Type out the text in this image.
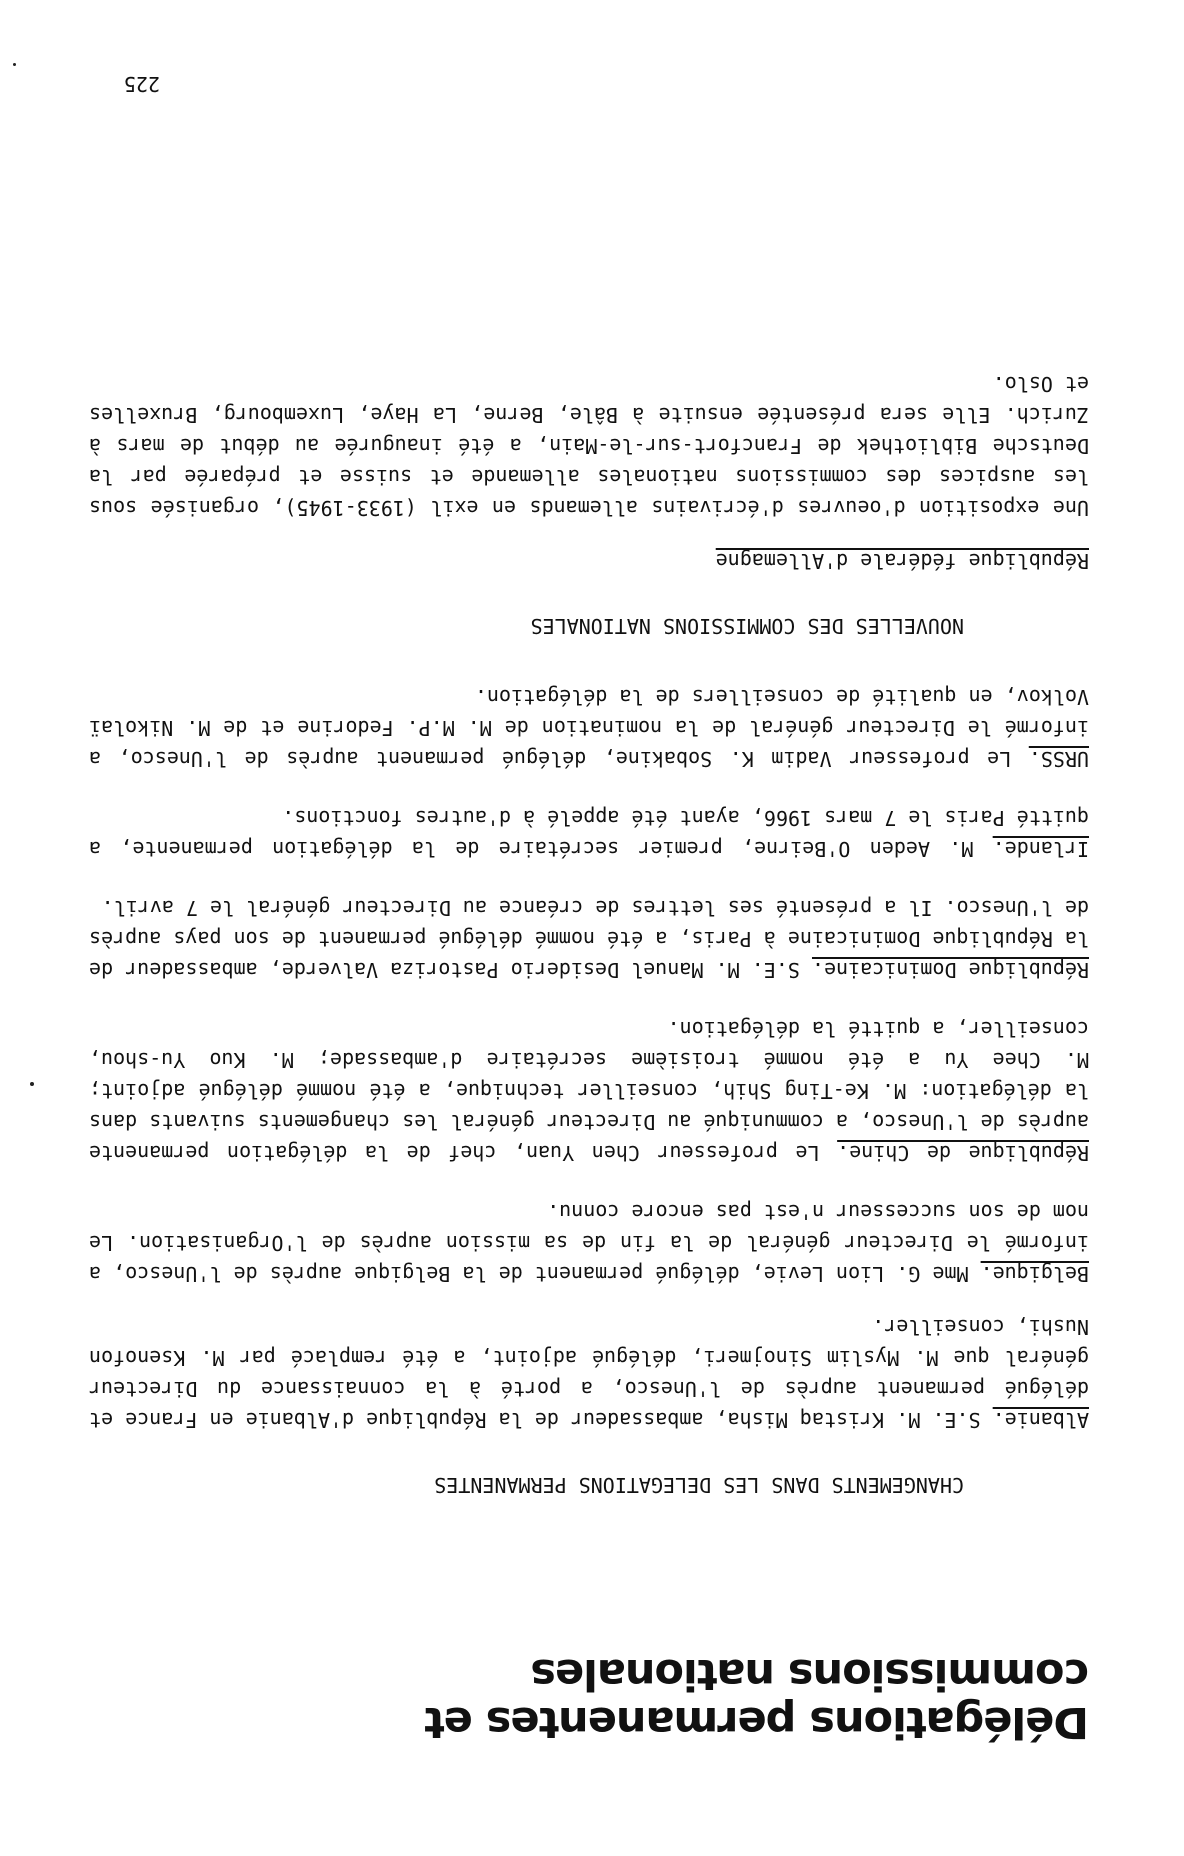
Délégations permanentes et
commissions nationales
CHANGEMENTS DANS LES DELEGATIONS PERMANENTES

Albanie. S.E. M. Kristaq Misha, ambassadeur de la République d'Albanie en France et délégué permanent auprès de l'Unesco, a porté à la connaissance du Directeur général que M. Myslim Sinojmeri, délégué adjoint, a été remplacé par M. Ksenofon Nushi, conseiller.

Belgique. Mme G. Lion Levie, délégué permanent de la Belgique auprès de l'Unesco, a informé le Directeur général de la fin de sa mission auprès de l'Organisation. Le nom de son successeur n'est pas encore connu.

République de Chine. Le professeur Chen Yuan, chef de la délégation permanente auprès de l'Unesco, a communiqué au Directeur général les changements suivants dans la délégation: M. Ke-Ting Shih, conseiller technique, a été nommé délégué adjoint; M. Chee Yu a été nommé troisième secrétaire d'ambassade; M. Kuo Yu-shou, conseiller, a quitté la délégation.

République Dominicaine. S.E. M. Manuel Desiderio Pastoriza Valverde, ambassadeur de la République Dominicaine à Paris, a été nommé délégué permanent de son pays auprès de l'Unesco. Il a présenté ses lettres de créance au Directeur général le 7 avril.

Irlande. M. Aeden O'Beirne, premier secrétaire de la délégation permanente, a quitté Paris le 7 mars 1966, ayant été appelé à d'autres fonctions.

URSS. Le professeur Vadim K. Sobakine, délégué permanent auprès de l'Unesco, a informé le Directeur général de la nomination de M. M.P. Fedorine et de M. Nikolaï Volkov, en qualité de conseillers de la délégation.

NOUVELLES DES COMMISSIONS NATIONALES
République fédérale d'Allemagne

Une exposition d'oeuvres d'écrivains allemands en exil (1933-1945), organisée sous les auspices des commissions nationales allemande et suisse et préparée par la Deutsche Bibliothek de Francfort-sur-le-Main, a été inaugurée au début de mars à Zurich. Elle sera présentée ensuite à Bâle, Berne, La Haye, Luxembourg, Bruxelles et Oslo.

225
